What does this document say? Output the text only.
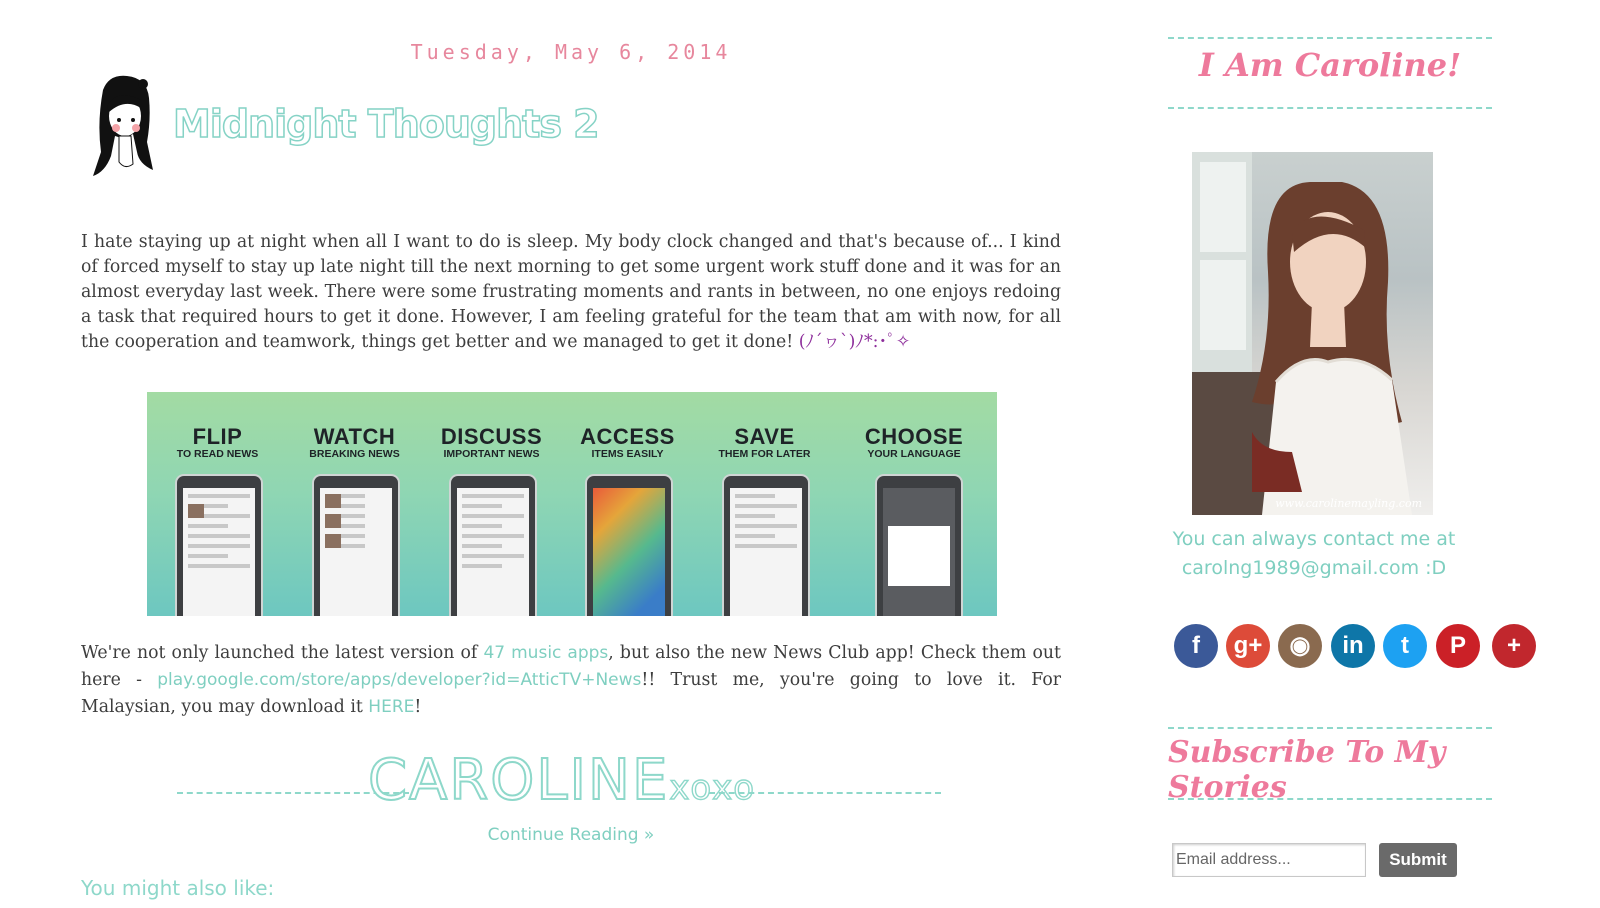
Tuesday, May 6, 2014
Midnight Thoughts 2
I hate staying up at night when all I want to do is sleep. My body clock changed and that's because of... I kind of forced myself to stay up late night till the next morning to get some urgent work stuff done and it was for an almost everyday last week. There were some frustrating moments and rants in between, no one enjoys redoing a task that required hours to get it done. However, I am feeling grateful for the team that am with now, for all the cooperation and teamwork, things get better and we managed to get it done! (ﾉ´ヮ`)ﾉ*:･ﾟ✧
FLIP
TO READ NEWS
WATCH
BREAKING NEWS
DISCUSS
IMPORTANT NEWS
ACCESS
ITEMS EASILY
SAVE
THEM FOR LATER
CHOOSE
YOUR LANGUAGE
We're not only launched the latest version of 47 music apps, but also the new News Club app! Check them out here - play.google.com/store/apps/developer?id=AtticTV+News!! Trust me, you're going to love it. For Malaysian, you may download it HERE!
CAROLINExoxo
Continue Reading »
You might also like:
I Am Caroline!
www.carolinemayling.com
You can always contact me at
carolng1989@gmail.com :D
f	g+	◉	in	t	P	+
Subscribe To My Stories
Email address...
Submit
